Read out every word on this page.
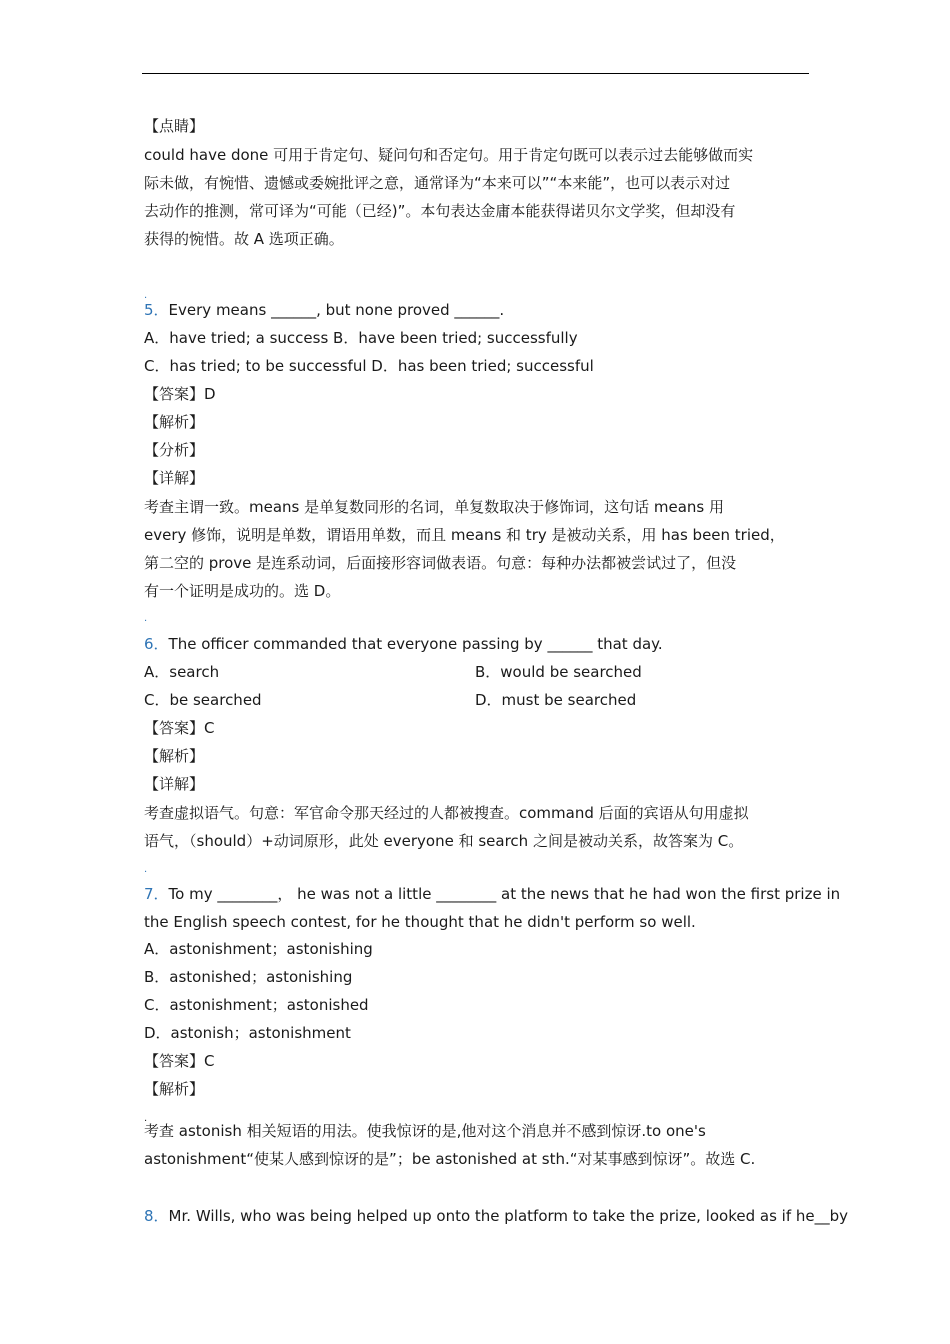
【点睛】
could have done 可用于肯定句、疑问句和否定句。用于肯定句既可以表示过去能够做而实
际未做，有惋惜、遗憾或委婉批评之意，通常译为“本来可以”“本来能”，也可以表示对过
去动作的推测，常可译为“可能（已经)”。本句表达金庸本能获得诺贝尔文学奖，但却没有
获得的惋惜。故 A 选项正确。
.
5．Every means ______, but none proved ______.
A．have tried; a success B．have been tried; successfully
C．has tried; to be successful D．has been tried; successful
【答案】D
【解析】
【分析】
【详解】
考查主谓一致。means 是单复数同形的名词，单复数取决于修饰词，这句话 means 用
every 修饰，说明是单数，谓语用单数，而且 means 和 try 是被动关系，用 has been tried，
第二空的 prove 是连系动词，后面接形容词做表语。句意：每种办法都被尝试过了，但没
有一个证明是成功的。选 D。
.
6．The officer commanded that everyone passing by ______ that day.
A．search	B．would be searched
C．be searched	D．must be searched
【答案】C
【解析】
【详解】
考查虚拟语气。句意：军官命令那天经过的人都被搜查。command 后面的宾语从句用虚拟
语气，（should）+动词原形，此处 everyone 和 search 之间是被动关系，故答案为 C。
.
7．To my ________， he was not a little ________ at the news that he had won the first prize in
the English speech contest, for he thought that he didn't perform so well.
A．astonishment；astonishing
B．astonished；astonishing
C．astonishment；astonished
D．astonish；astonishment
【答案】C
【解析】
.
考查 astonish 相关短语的用法。使我惊讶的是,他对这个消息并不感到惊讶.to one's
astonishment“使某人感到惊讶的是”；be astonished at sth.“对某事感到惊讶”。故选 C.
8．Mr. Wills, who was being helped up onto the platform to take the prize, looked as if he__by
